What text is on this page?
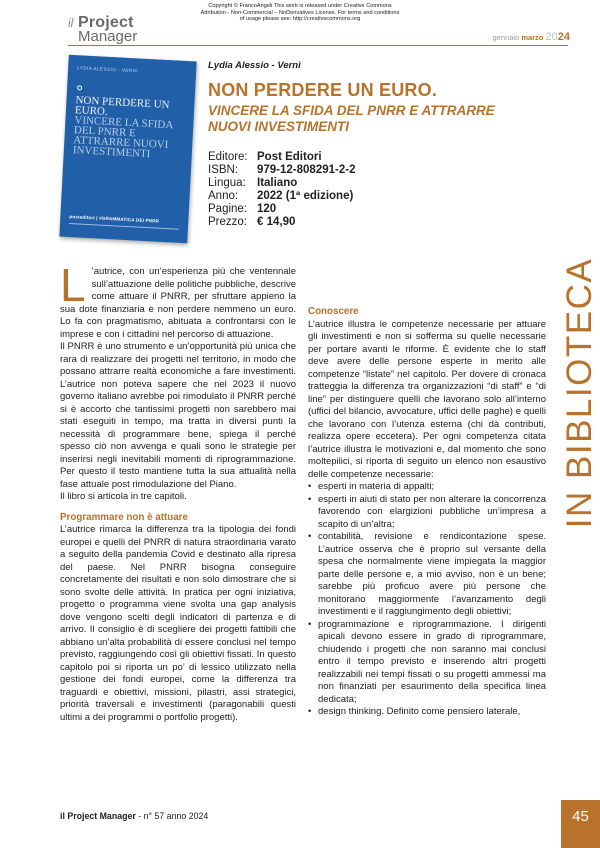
il Project
Manager
Copyright © FrancoAngeli This work is released under Creative Commons Attribution - Non-Commercial – NoDerivatives License. For terms and conditions of usage please see: http://creativecommons.org
gennaio marzo 2024
LYDIA ALESSIO - VERNÌ
NON PERDERE UN EURO.
VINCERE LA SFIDA DEL PNRR E ATTRARRE NUOVI INVESTIMENTI
posteditori | #GRAMMATICA DEI PNRR
Lydia Alessio - Vernì
NON PERDERE UN EURO.
VINCERE LA SFIDA DEL PNRR E ATTRARRE NUOVI INVESTIMENTI
Editore: Post Editori
ISBN:	979-12-808291-2-2
Lingua: Italiano
Anno:	2022 (1ª edizione)
Pagine: 120
Prezzo: € 14,90

L ’autrice, con un’esperienza più che ventennale sull’attuazione delle politiche pubbliche, descrive come attuare il PNRR, per sfruttare appieno la sua dote finanziaria e non perdere nemmeno un euro. Lo fa con pragmatismo, abituata a confrontarsi con le imprese e con i cittadini nel percorso di attuazione.

Il PNRR è uno strumento e un’opportunità più unica che rara di realizzare dei progetti nel territorio, in modo che possano attrarre realtà economiche a fare investimenti. L’autrice non poteva sapere che nel 2023 il nuovo governo italiano avrebbe poi rimodulato il PNRR perché si è accorto che tantissimi progetti non sarebbero mai stati eseguiti in tempo, ma tratta in diversi punti la necessità di programmare bene, spiega il perché spesso ciò non avvenga e quali sono le strategie per inserirsi negli inevitabili momenti di riprogrammazione. Per questo il testo mantiene tutta la sua attualità nella fase attuale post rimodulazione del Piano.

Il libro si articola in tre capitoli.

Programmare non è attuare

L’autrice rimarca la differenza tra la tipologia dei fondi europei e quelli del PNRR di natura straordinaria varato a seguito della pandemia Covid e destinato alla ripresa del paese. Nel PNRR bisogna conseguire concretamente dei risultati e non solo dimostrare che si sono svolte delle attività. In pratica per ogni iniziativa, progetto o programma viene svolta una gap analysis dove vengono scelti degli indicatori di partenza e di arrivo. Il consiglio è di scegliere dei progetti fattibili che abbiano un’alta probabilità di essere conclusi nel tempo previsto, raggiungendo così gli obiettivi fissati. In questo capitolo poi si riporta un po’ di lessico utilizzato nella gestione dei fondi europei, come la differenza tra traguardi e obiettivi, missioni, pilastri, assi strategici, priorità traversali e investimenti (paragonabili questi ultimi a dei programmi o portfolio progetti).

Conoscere

L’autrice illustra le competenze necessarie per attuare gli investimenti e non si sofferma su quelle necessarie per portare avanti le riforme. È evidente che lo staff deve avere delle persone esperte in merito alle competenze “listate” nel capitolo. Per dovere di cronaca tratteggia la differenza tra organizzazioni “di staff” e “di line” per distinguere quelli che lavorano solo all’interno (uffici del bilancio, avvocature, uffici delle paghe) e quelli che lavorano con l’utenza esterna (chi dà contributi, realizza opere eccetera). Per ogni competenza citata l’autrice illustra le motivazioni e, dal momento che sono moltepilici, si riporta di seguito un elenco non esaustivo delle competenze necessarie:

• esperti in materia di appalti;
• esperti in aiuti di stato per non alterare la concorrenza favorendo con elargizioni pubbliche un’impresa a scapito di un’altra;
• contabilità, revisione e rendicontazione spese. L’autrice osserva che è proprio sul versante della spesa che normalmente viene impiegata la maggior parte delle persone e, a mio avviso, non è un bene; sarebbe più proficuo avere più persone che monitorano maggiormente l’avanzamento degli investimenti e il raggiungimento degli obiettivi;
• programmazione e riprogrammazione. I dirigenti apicali devono essere in grado di riprogrammare, chiudendo i progetti che non saranno mai conclusi entro il tempo previsto e inserendo altri progetti realizzabili nei tempi fissati o su progetti ammessi ma non finanziati per esaurimento della specifica linea dedicata;
• design thinking. Definito come pensiero laterale,
IN BIBLIOTECA
45
il Project Manager - n° 57 anno 2024
